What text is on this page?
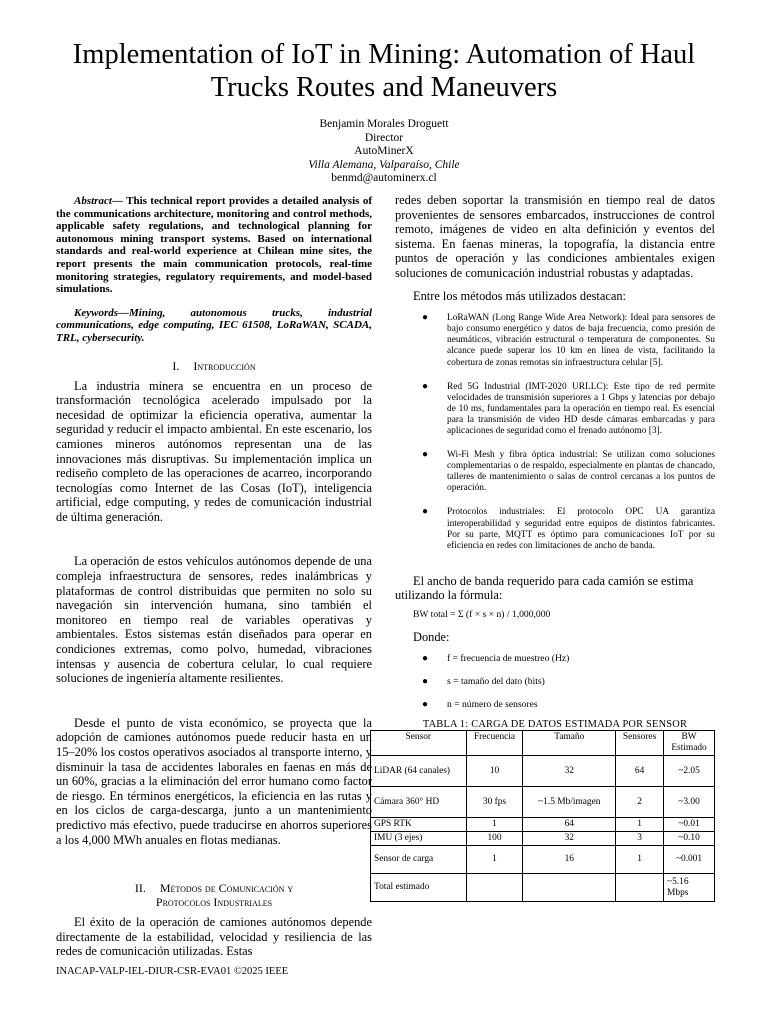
Implementation of IoT in Mining: Automation of Haul Trucks Routes and Maneuvers
Benjamin Morales Droguett
Director
AutoMinerX
Villa Alemana, Valparaíso, Chile
benmd@autominerx.cl

Abstract— This technical report provides a detailed analysis of the communications architecture, monitoring and control methods, applicable safety regulations, and technological planning for autonomous mining transport systems. Based on international standards and real-world experience at Chilean mine sites, the report presents the main communication protocols, real-time monitoring strategies, regulatory requirements, and model-based simulations.

Keywords—Mining, autonomous trucks, industrial communications, edge computing, IEC 61508, LoRaWAN, SCADA, TRL, cybersecurity.

I. Introducción

La industria minera se encuentra en un proceso de transformación tecnológica acelerado impulsado por la necesidad de optimizar la eficiencia operativa, aumentar la seguridad y reducir el impacto ambiental. En este escenario, los camiones mineros autónomos representan una de las innovaciones más disruptivas. Su implementación implica un rediseño completo de las operaciones de acarreo, incorporando tecnologías como Internet de las Cosas (IoT), inteligencia artificial, edge computing, y redes de comunicación industrial de última generación.

La operación de estos vehículos autónomos depende de una compleja infraestructura de sensores, redes inalámbricas y plataformas de control distribuidas que permiten no solo su navegación sin intervención humana, sino también el monitoreo en tiempo real de variables operativas y ambientales. Estos sistemas están diseñados para operar en condiciones extremas, como polvo, humedad, vibraciones intensas y ausencia de cobertura celular, lo cual requiere soluciones de ingeniería altamente resilientes.

Desde el punto de vista económico, se proyecta que la adopción de camiones autónomos puede reducir hasta en un 15–20% los costos operativos asociados al transporte interno, y disminuir la tasa de accidentes laborales en faenas en más de un 60%, gracias a la eliminación del error humano como factor de riesgo. En términos energéticos, la eficiencia en las rutas y en los ciclos de carga-descarga, junto a un mantenimiento predictivo más efectivo, puede traducirse en ahorros superiores a los 4,000 MWh anuales en flotas medianas.

II. Métodos de Comunicación y
Protocolos Industriales

El éxito de la operación de camiones autónomos depende directamente de la estabilidad, velocidad y resiliencia de las redes de comunicación utilizadas. Estas

redes deben soportar la transmisión en tiempo real de datos provenientes de sensores embarcados, instrucciones de control remoto, imágenes de video en alta definición y eventos del sistema. En faenas mineras, la topografía, la distancia entre puntos de operación y las condiciones ambientales exigen soluciones de comunicación industrial robustas y adaptadas.

Entre los métodos más utilizados destacan:

● LoRaWAN (Long Range Wide Area Network): Ideal para sensores de bajo consumo energético y datos de baja frecuencia, como presión de neumáticos, vibración estructural o temperatura de componentes. Su alcance puede superar los 10 km en línea de vista, facilitando la cobertura de zonas remotas sin infraestructura celular [5].
● Red 5G Industrial (IMT-2020 URLLC): Este tipo de red permite velocidades de transmisión superiores a 1 Gbps y latencias por debajo de 10 ms, fundamentales para la operación en tiempo real. Es esencial para la transmisión de video HD desde cámaras embarcadas y para aplicaciones de seguridad como el frenado autónomo [3].
● Wi-Fi Mesh y fibra óptica industrial: Se utilizan como soluciones complementarias o de respaldo, especialmente en plantas de chancado, talleres de mantenimiento o salas de control cercanas a los puntos de operación.
● Protocolos industriales: El protocolo OPC UA garantiza interoperabilidad y seguridad entre equipos de distintos fabricantes. Por su parte, MQTT es óptimo para comunicaciones IoT por su eficiencia en redes con limitaciones de ancho de banda.

El ancho de banda requerido para cada camión se estima utilizando la fórmula:

BW total = Σ (f × s × n) / 1,000,000

Donde:

● f = frecuencia de muestreo (Hz)
● s = tamaño del dato (bits)
● n = número de sensores
TABLA 1: CARGA DE DATOS ESTIMADA POR SENSOR
Sensor	Frecuencia	Tamaño	Sensores	BW Estimado
LiDAR (64 canales)	10	32	64	~2.05
Cámara 360° HD	30 fps	~1.5 Mb/imagen	2	~3.00
GPS RTK	1	64	1	~0.01
IMU (3 ejes)	100	32	3	~0.10
Sensor de carga	1	16	1	~0.001
Total estimado				~5.16 Mbps
INACAP-VALP-IEL-DIUR-CSR-EVA01 ©2025 IEEE
